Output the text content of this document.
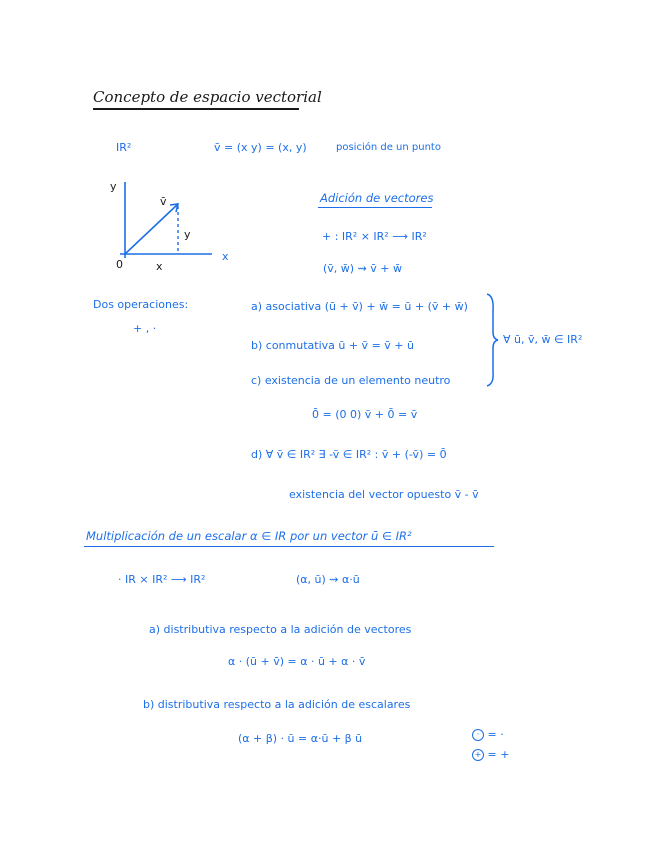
Concepto de espacio vectorial
IR²	v̄ = (x y) = (x, y)	posición de un punto
y
x
0
v̄
y
x
Adición de vectores
+ : IR² × IR² ⟶ IR²
(v̄, w̄) ⇝ v̄ + w̄
Dos operaciones:
+ , ·
a) asociativa (ū + v̄) + w̄ = ū + (v̄ + w̄)
b) conmutativa ū + v̄ = v̄ + ū
c) existencia de un elemento neutro
∀ ū, v̄, w̄ ∈ IR²
0̄ = (0 0) v̄ + 0̄ = v̄
d) ∀ v̄ ∈ IR² ∃ -v̄ ∈ IR² : v̄ + (-v̄) = 0̄
existencia del vector opuesto v̄ - v̄
Multiplicación de un escalar α ∈ IR por un vector ū ∈ IR²
· IR × IR² ⟶ IR²	(α, ū) ⇝ α·ū
a) distributiva respecto a la adición de vectores
α · (ū + v̄) = α · ū + α · v̄
b) distributiva respecto a la adición de escalares
(α + β) · ū = α·ū + β ū	· = ·
+ = +
